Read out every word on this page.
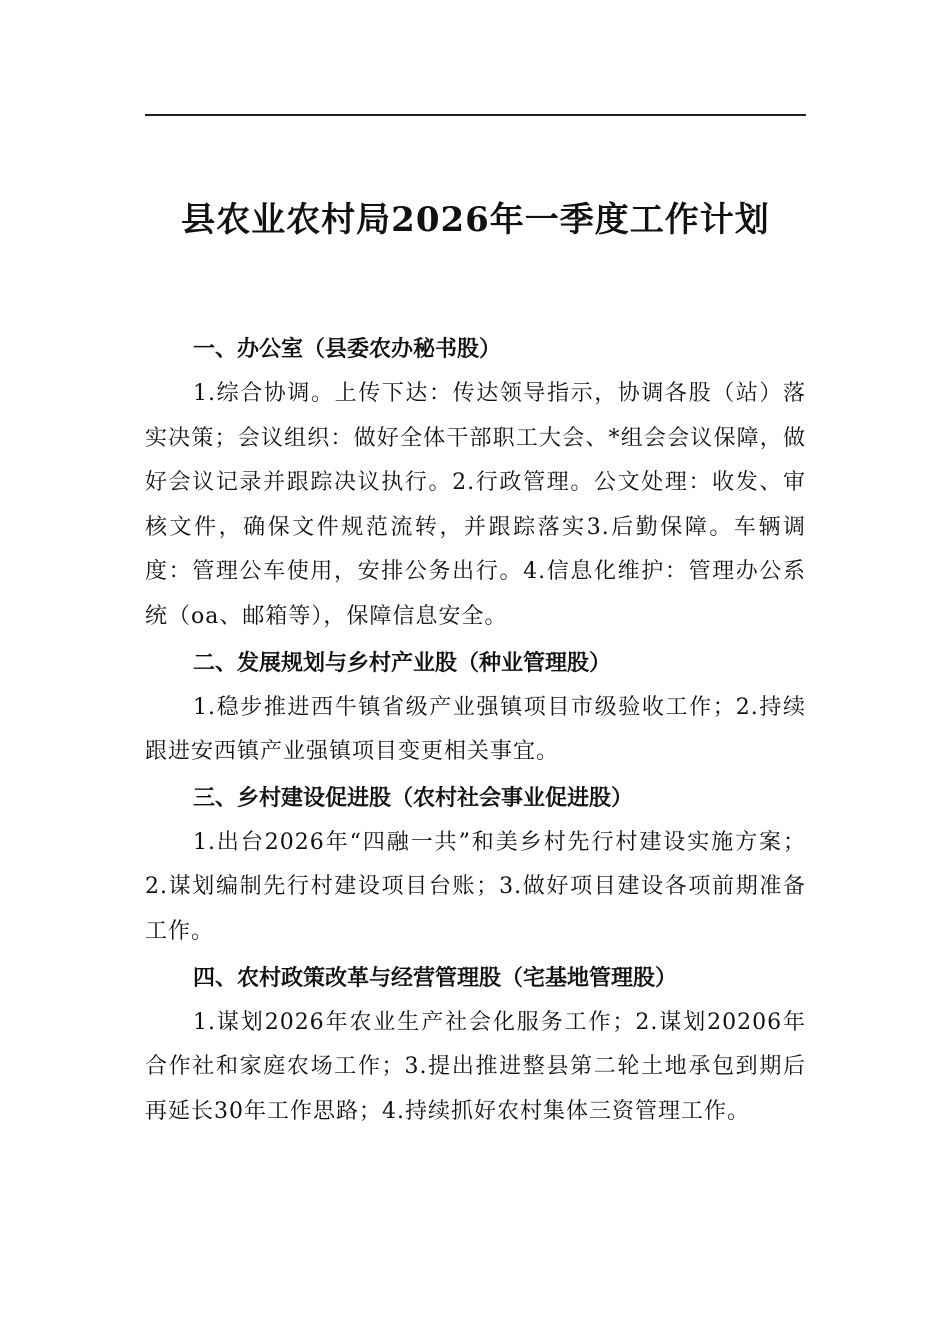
县农业农村局2026年一季度工作计划

一、办公室（县委农办秘书股）

1.综合协调。上传下达：传达领导指示，协调各股（站）落实决策；会议组织：做好全体干部职工大会、*组会会议保障，做好会议记录并跟踪决议执行。2.行政管理。公文处理：收发、审核文件，确保文件规范流转，并跟踪落实3.后勤保障。车辆调度：管理公车使用，安排公务出行。4.信息化维护：管理办公系统（oa、邮箱等），保障信息安全。

二、发展规划与乡村产业股（种业管理股）

1.稳步推进西牛镇省级产业强镇项目市级验收工作；2.持续跟进安西镇产业强镇项目变更相关事宜。

三、乡村建设促进股（农村社会事业促进股）

1.出台2026年“四融一共”和美乡村先行村建设实施方案；2.谋划编制先行村建设项目台账；3.做好项目建设各项前期准备工作。

四、农村政策改革与经营管理股（宅基地管理股）

1.谋划2026年农业生产社会化服务工作；2.谋划20206年合作社和家庭农场工作；3.提出推进整县第二轮土地承包到期后再延长30年工作思路；4.持续抓好农村集体三资管理工作。
